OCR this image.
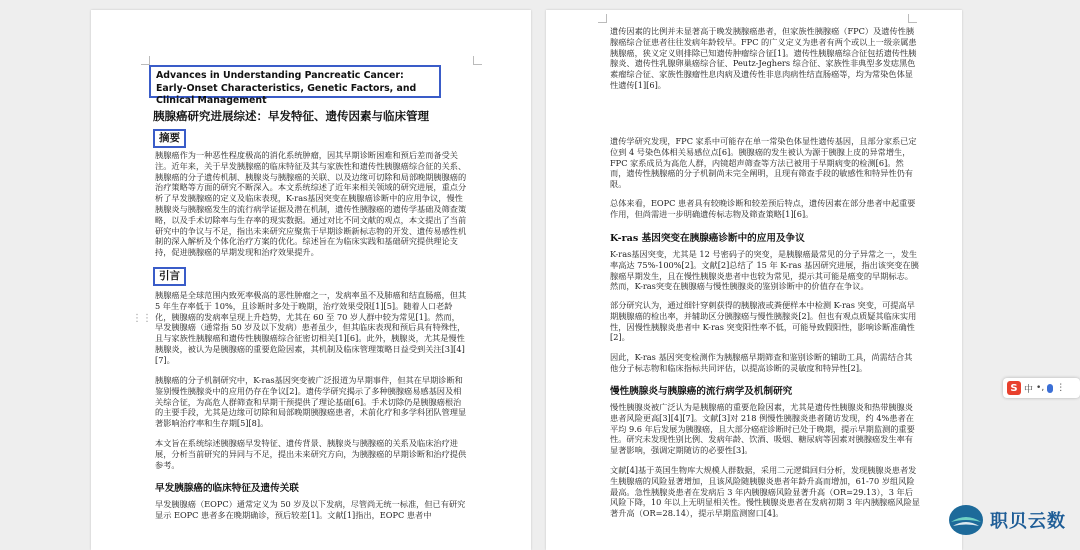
Advances in Understanding Pancreatic Cancer: Early-Onset Characteristics, Genetic Factors, and Clinical Management

胰腺癌研究进展综述：早发特征、遗传因素与临床管理

摘要

胰腺癌作为一种恶性程度极高的消化系统肿瘤，因其早期诊断困难和预后差而备受关注。近年来，关于早发胰腺癌的临床特征及其与家族性和遗传性胰腺癌综合征的关系、胰腺癌的分子遗传机制、胰腺炎与胰腺癌的关联、以及边缘可切除和局部晚期胰腺癌的治疗策略等方面的研究不断深入。本文系统综述了近年来相关领域的研究进展，重点分析了早发胰腺癌的定义及临床表现，K-ras基因突变在胰腺癌诊断中的应用争议，慢性胰腺炎与胰腺癌发生的流行病学证据及潜在机制，遗传性胰腺癌的遗传学基础及筛查策略，以及手术切除率与生存率的现实数据。通过对比不同文献的观点，本文提出了当前研究中的争议与不足，指出未来研究应聚焦于早期诊断新标志物的开发、遗传易感性机制的深入解析及个体化治疗方案的优化。综述旨在为临床实践和基础研究提供理论支持，促进胰腺癌的早期发现和治疗效果提升。

引言

胰腺癌是全球范围内致死率极高的恶性肿瘤之一，发病率虽不及肺癌和结直肠癌，但其 5 年生存率低于 10%，且诊断时多处于晚期，治疗效果受限[1][5]。随着人口老龄化，胰腺癌的发病率呈现上升趋势，尤其在 60 至 70 岁人群中较为常见[1]。然而，早发胰腺癌（通常指 50 岁及以下发病）患者虽少，但其临床表现和预后具有特殊性，且与家族性胰腺癌和遗传性胰腺癌综合征密切相关[1][6]。此外，胰腺炎，尤其是慢性胰腺炎，被认为是胰腺癌的重要危险因素，其机制及临床管理策略日益受到关注[3][4][7]。

胰腺癌的分子机制研究中，K-ras基因突变被广泛报道为早期事件，但其在早期诊断和鉴别慢性胰腺炎中的应用仍存在争议[2]。遗传学研究揭示了多种胰腺癌易感基因及相关综合征，为高危人群筛查和早期干预提供了理论基础[6]。手术切除仍是胰腺癌根治的主要手段，尤其是边缘可切除和局部晚期胰腺癌患者，术前化疗和多学科团队管理显著影响治疗率和生存期[5][8]。

本文旨在系统综述胰腺癌早发特征、遗传背景、胰腺炎与胰腺癌的关系及临床治疗进展，分析当前研究的异同与不足，提出未来研究方向，为胰腺癌的早期诊断和治疗提供参考。

早发胰腺癌的临床特征及遗传关联

早发胰腺癌（EOPC）通常定义为 50 岁及以下发病，尽管尚无统一标准，但已有研究显示 EOPC 患者多在晚期确诊，预后较差[1]。文献[1]指出，EOPC 患者中

⋮⋮

遗传因素的比例并未显著高于晚发胰腺癌患者，但家族性胰腺癌（FPC）及遗传性胰腺癌综合征患者往往发病年龄较早。FPC 的广义定义为患者有两个或以上一级亲属患胰腺癌，狭义定义则排除已知遗传肿瘤综合征[1]。遗传性胰腺癌综合征包括遗传性胰腺炎、遗传性乳腺卵巢癌综合征、Peutz-Jeghers 综合征、家族性非典型多发痣黑色素瘤综合征、家族性腺瘤性息肉病及遗传性非息肉病性结直肠癌等，均为常染色体显性遗传[1][6]。

遗传学研究发现，FPC 家系中可能存在单一常染色体显性遗传基因，且部分家系已定位到 4 号染色体相关易感位点[6]。胰腺癌的发生被认为源于胰腺上皮的异常增生，FPC 家系成员为高危人群，内镜超声筛查等方法已被用于早期病变的检测[6]。然而，遗传性胰腺癌的分子机制尚未完全阐明，且现有筛查手段的敏感性和特异性仍有限。

总体来看，EOPC 患者具有较晚诊断和较差预后特点，遗传因素在部分患者中起重要作用，但尚需进一步明确遗传标志物及筛查策略[1][6]。

K-ras 基因突变在胰腺癌诊断中的应用及争议

K-ras基因突变，尤其是 12 号密码子的突变，是胰腺癌最常见的分子异常之一，发生率高达 75%-100%[2]。文献[2]总结了 15 年 K-ras 基因研究进展，指出该突变在胰腺癌早期发生，且在慢性胰腺炎患者中也较为常见，提示其可能是癌变的早期标志。然而，K-ras突变在胰腺癌与慢性胰腺炎的鉴别诊断中的价值存在争议。

部分研究认为，通过细针穿刺获得的胰腺液或粪便样本中检测 K-ras 突变，可提高早期胰腺癌的检出率，并辅助区分胰腺癌与慢性胰腺炎[2]。但也有观点质疑其临床实用性，因慢性胰腺炎患者中 K-ras 突变阳性率不低，可能导致假阳性，影响诊断准确性[2]。

因此，K-ras 基因突变检测作为胰腺癌早期筛查和鉴别诊断的辅助工具，尚需结合其他分子标志物和临床指标共同评估，以提高诊断的灵敏度和特异性[2]。

慢性胰腺炎与胰腺癌的流行病学及机制研究

慢性胰腺炎被广泛认为是胰腺癌的重要危险因素，尤其是遗传性胰腺炎和热带胰腺炎患者风险更高[3][4][7]。文献[3]对 218 例慢性胰腺炎患者随访发现，约 4%患者在平均 9.6 年后发展为胰腺癌，且大部分癌症诊断时已处于晚期，提示早期监测的重要性。研究未发现性别比例、发病年龄、饮酒、吸烟、糖尿病等因素对胰腺癌发生率有显著影响，强调定期随访的必要性[3]。

文献[4]基于英国生物库大规模人群数据，采用二元逻辑回归分析，发现胰腺炎患者发生胰腺癌的风险显著增加，且该风险随胰腺炎患者年龄升高而增加，61-70 岁组风险最高。急性胰腺炎患者在发病后 3 年内胰腺癌风险显著升高（OR=29.13），3 年后风险下降，10 年以上无明显相关性。慢性胰腺炎患者在发病初期 3 年内胰腺癌风险显著升高（OR=28.14），提示早期监测窗口[4]。

S 中 •, ⋮
职贝云数
